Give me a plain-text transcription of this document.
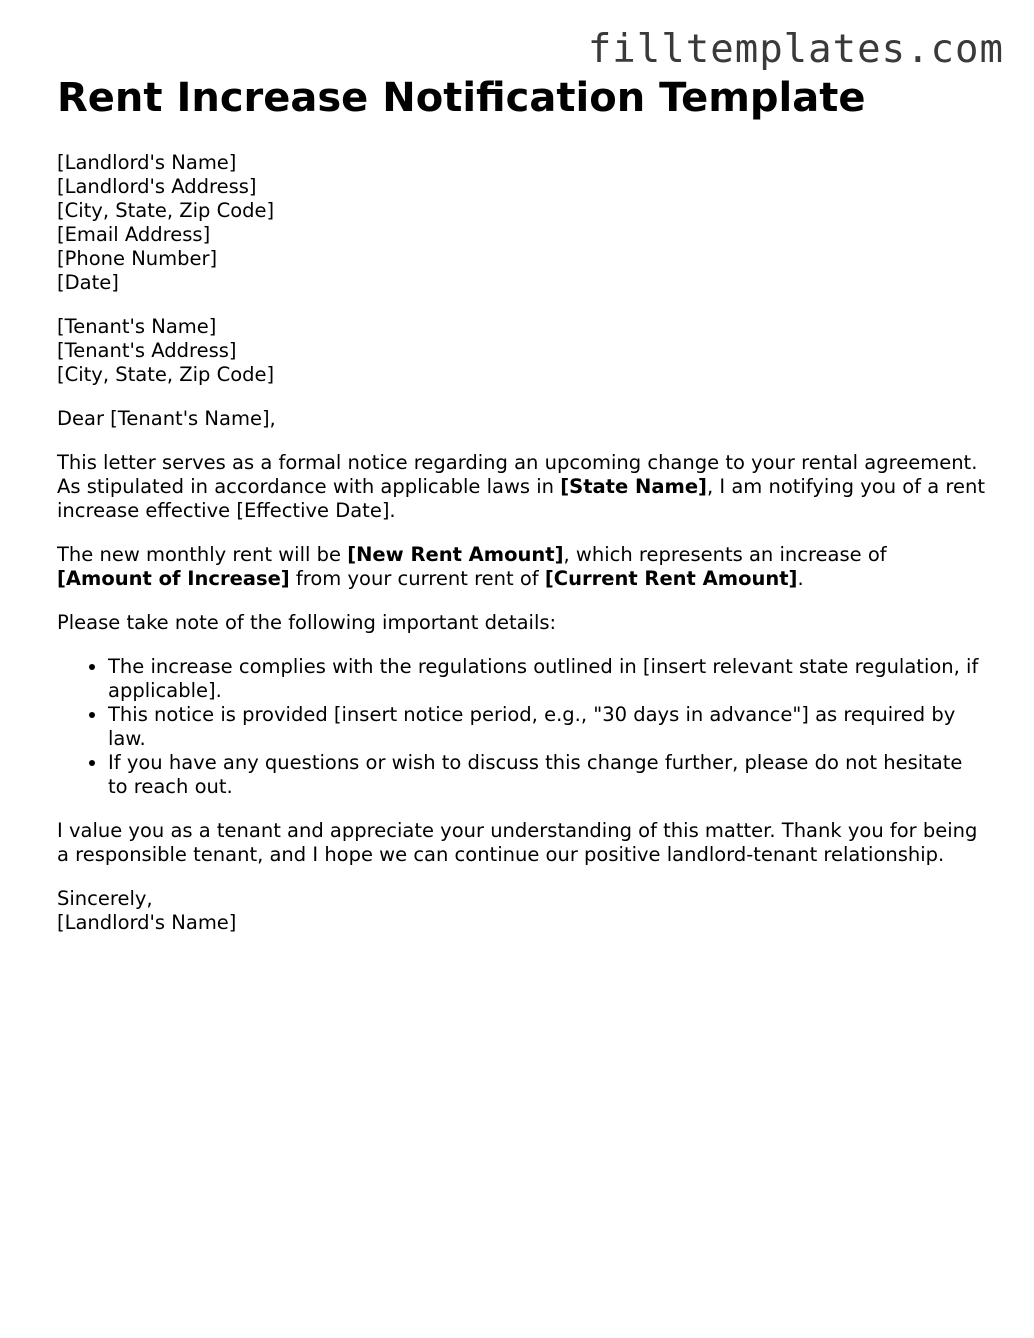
filltemplates.com
Rent Increase Notification Template
[Landlord's Name]
[Landlord's Address]
[City, State, Zip Code]
[Email Address]
[Phone Number]
[Date]
[Tenant's Name]
[Tenant's Address]
[City, State, Zip Code]

Dear [Tenant's Name],

This letter serves as a formal notice regarding an upcoming change to your rental agreement. As stipulated in accordance with applicable laws in [State Name], I am notifying you of a rent increase effective [Effective Date].

The new monthly rent will be [New Rent Amount], which represents an increase of [Amount of Increase] from your current rent of [Current Rent Amount].

Please take note of the following important details:

• The increase complies with the regulations outlined in [insert relevant state regulation, if applicable].
• This notice is provided [insert notice period, e.g., "30 days in advance"] as required by law.
• If you have any questions or wish to discuss this change further, please do not hesitate to reach out.

I value you as a tenant and appreciate your understanding of this matter. Thank you for being a responsible tenant, and I hope we can continue our positive landlord-tenant relationship.

Sincerely,
[Landlord's Name]
